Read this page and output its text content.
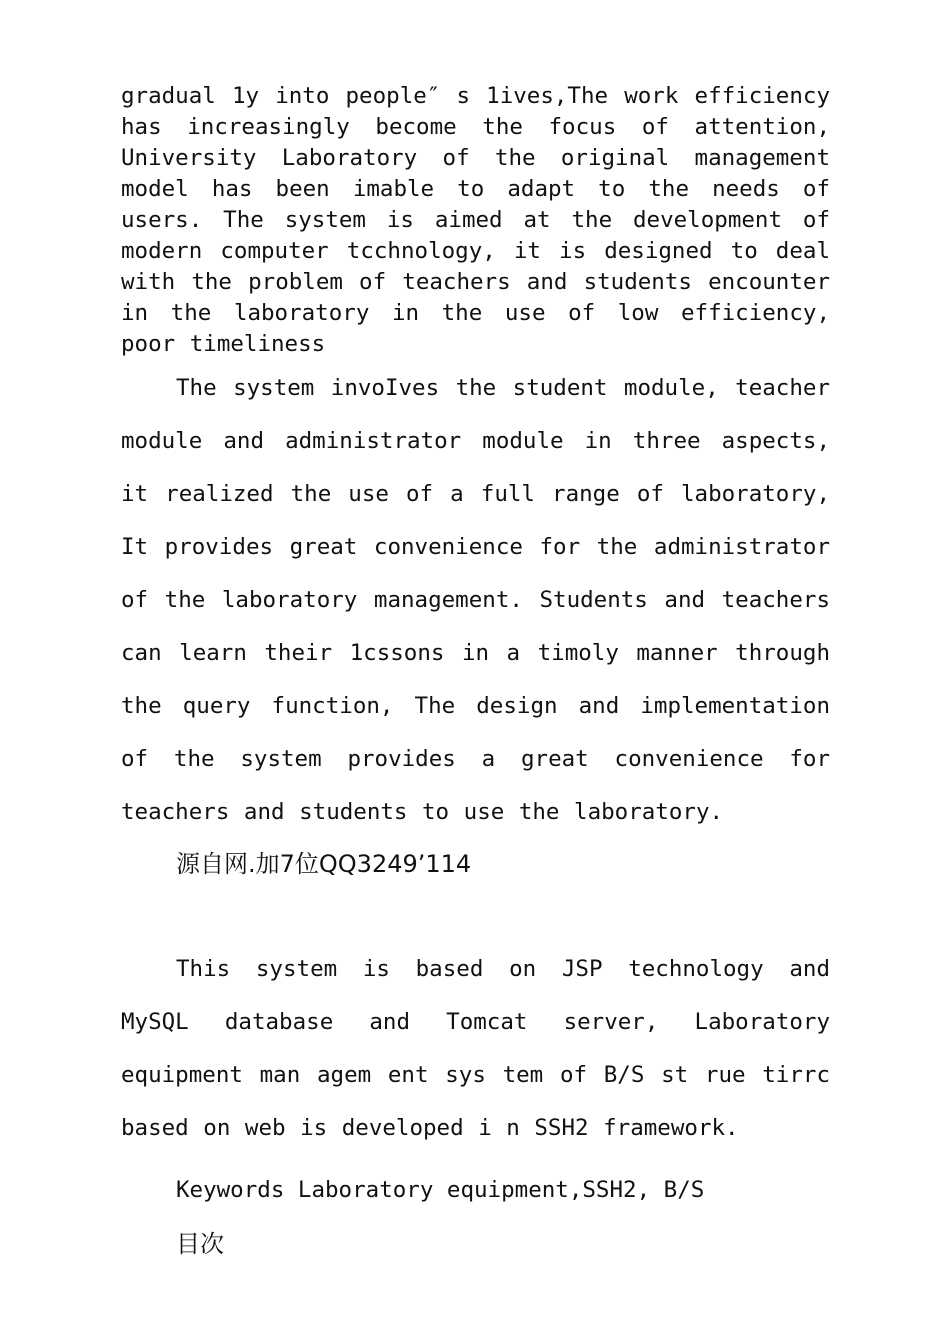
gradual 1y into people″ s 1ives,The work efficiency has increasingly become the focus of attention, University Laboratory of the original management model has been imable to adapt to the needs of users. The system is aimed at the development of modern computer tcchnology, it is designed to deal with the problem of teachers and students encounter in the laboratory in the use of low efficiency, poor timeliness

The system invoIves the student module, teacher module and administrator module in three aspects, it realized the use of a full range of laboratory, It provides great convenience for the administrator of the laboratory management. Students and teachers can learn their 1cssons in a timoly manner through the query function, The design and implementation of the system provides a great convenience for teachers and students to use the laboratory.

源自网.加7位QQ3249’114

This system is based on JSP technology and MySQL database and Tomcat server, Laboratory equipment man agem ent sys tem of B/S st rue tirrc based on web is developed i n SSH2 framework.

Keywords Laboratory equipment,SSH2, B/S

目次
